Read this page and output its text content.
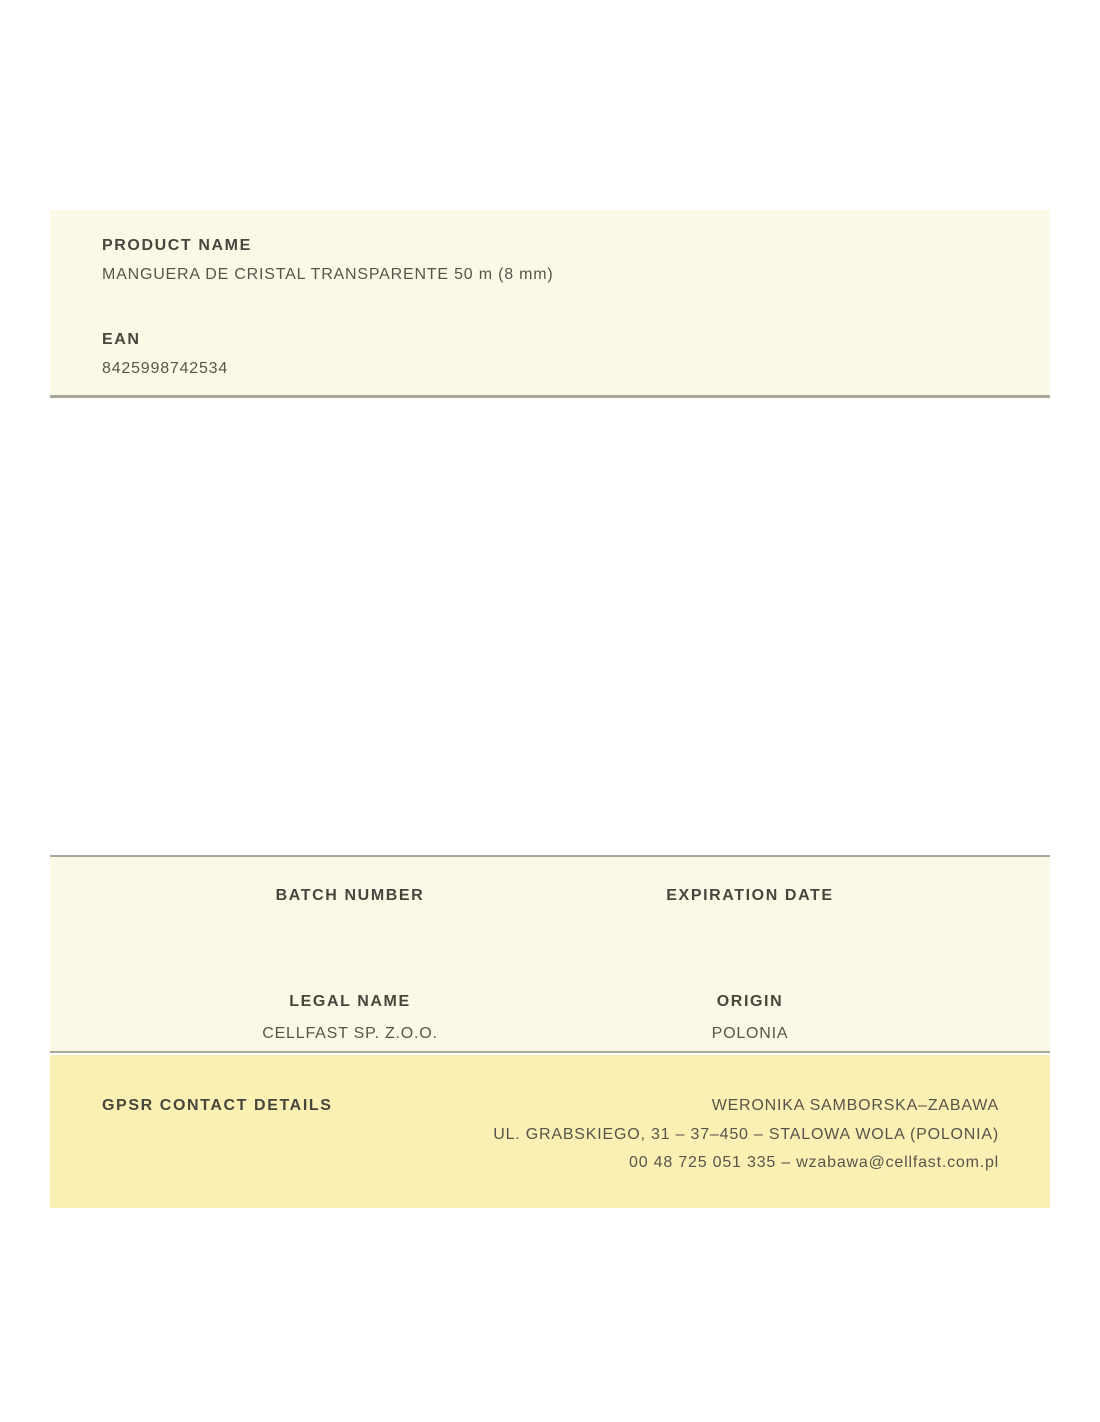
PRODUCT NAME
MANGUERA DE CRISTAL TRANSPARENTE 50 m (8 mm)
EAN
8425998742534
BATCH NUMBER	EXPIRATION DATE
LEGAL NAME	ORIGIN
CELLFAST SP. Z.O.O.	POLONIA
GPSR CONTACT DETAILS	WERONIKA SAMBORSKA–ZABAWA
UL. GRABSKIEGO, 31 – 37–450 – STALOWA WOLA (POLONIA)
00 48 725 051 335 – wzabawa@cellfast.com.pl
